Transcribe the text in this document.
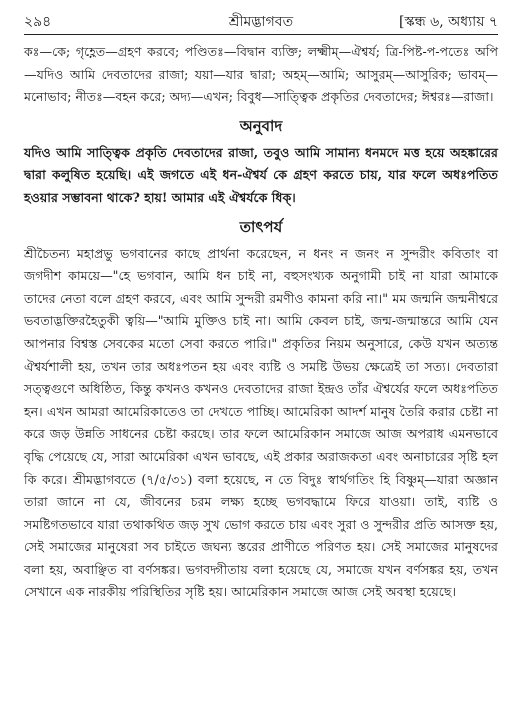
২৯৪	শ্রীমদ্ভাগবত	[স্কন্ধ ৬, অধ্যায় ৭

কঃ—কে; গৃহ্ণেত—গ্রহণ করবে; পণ্ডিতঃ—বিদ্বান ব্যক্তি; লক্ষ্মীম্—ঐশ্বর্য; ত্রি-পিষ্ট-প-পতেঃ অপি—যদিও আমি দেবতাদের রাজা; যয়া—যার দ্বারা; অহম্—আমি; আসুরম্—আসুরিক; ভাবম্—মনোভাব; নীতঃ—বহন করে; অদ্য—এখন; বিবুধ—সাত্ত্বিক প্রকৃতির দেবতাদের; ঈশ্বরঃ—রাজা।

অনুবাদ

যদিও আমি সাত্ত্বিক প্রকৃতি দেবতাদের রাজা, তবুও আমি সামান্য ধনমদে মত্ত হয়ে অহঙ্কারের দ্বারা কলুষিত হয়েছি। এই জগতে এই ধন-ঐশ্বর্য কে গ্রহণ করতে চায়, যার ফলে অধঃপতিত হওয়ার সম্ভাবনা থাকে? হায়! আমার এই ঐশ্বর্যকে ধিক্।

তাৎপর্য

শ্রীচৈতন্য মহাপ্রভু ভগবানের কাছে প্রার্থনা করেছেন, ন ধনং ন জনং ন সুন্দরীং কবিতাং বা জগদীশ কাময়ে—"হে ভগবান, আমি ধন চাই না, বহুসংখ্যক অনুগামী চাই না যারা আমাকে তাদের নেতা বলে গ্রহণ করবে, এবং আমি সুন্দরী রমণীও কামনা করি না।" মম জন্মনি জন্মনীশ্বরে ভবতাদ্ভক্তিরহৈতুকী ত্বয়ি—"আমি মুক্তিও চাই না। আমি কেবল চাই, জন্ম-জন্মান্তরে আমি যেন আপনার বিশ্বস্ত সেবকের মতো সেবা করতে পারি।" প্রকৃতির নিয়ম অনুসারে, কেউ যখন অত্যন্ত ঐশ্বর্যশালী হয়, তখন তার অধঃপতন হয় এবং ব্যষ্টি ও সমষ্টি উভয় ক্ষেত্রেই তা সত্য। দেবতারা সত্ত্বগুণে অধিষ্ঠিত, কিন্তু কখনও কখনও দেবতাদের রাজা ইন্দ্রও তাঁর ঐশ্বর্যের ফলে অধঃপতিত হন। এখন আমরা আমেরিকাতেও তা দেখতে পাচ্ছি। আমেরিকা আদর্শ মানুষ তৈরি করার চেষ্টা না করে জড় উন্নতি সাধনের চেষ্টা করছে। তার ফলে আমেরিকান সমাজে আজ অপরাধ এমনভাবে বৃদ্ধি পেয়েছে যে, সারা আমেরিকা এখন ভাবছে, এই প্রকার অরাজকতা এবং অনাচারের সৃষ্টি হল কি করে। শ্রীমদ্ভাগবতে (৭/৫/৩১) বলা হয়েছে, ন তে বিদুঃ স্বার্থগতিং হি বিষ্ণুম্—যারা অজ্ঞান তারা জানে না যে, জীবনের চরম লক্ষ্য হচ্ছে ভগবদ্ধামে ফিরে যাওয়া। তাই, ব্যষ্টি ও সমষ্টিগতভাবে যারা তথাকথিত জড় সুখ ভোগ করতে চায় এবং সুরা ও সুন্দরীর প্রতি আসক্ত হয়, সেই সমাজের মানুষেরা সব চাইতে জঘন্য স্তরের প্রাণীতে পরিণত হয়। সেই সমাজের মানুষদের বলা হয়, অবাঞ্ছিত বা বর্ণসঙ্কর। ভগবদ্গীতায় বলা হয়েছে যে, সমাজে যখন বর্ণসঙ্কর হয়, তখন সেখানে এক নারকীয় পরিস্থিতির সৃষ্টি হয়। আমেরিকান সমাজে আজ সেই অবস্থা হয়েছে।
